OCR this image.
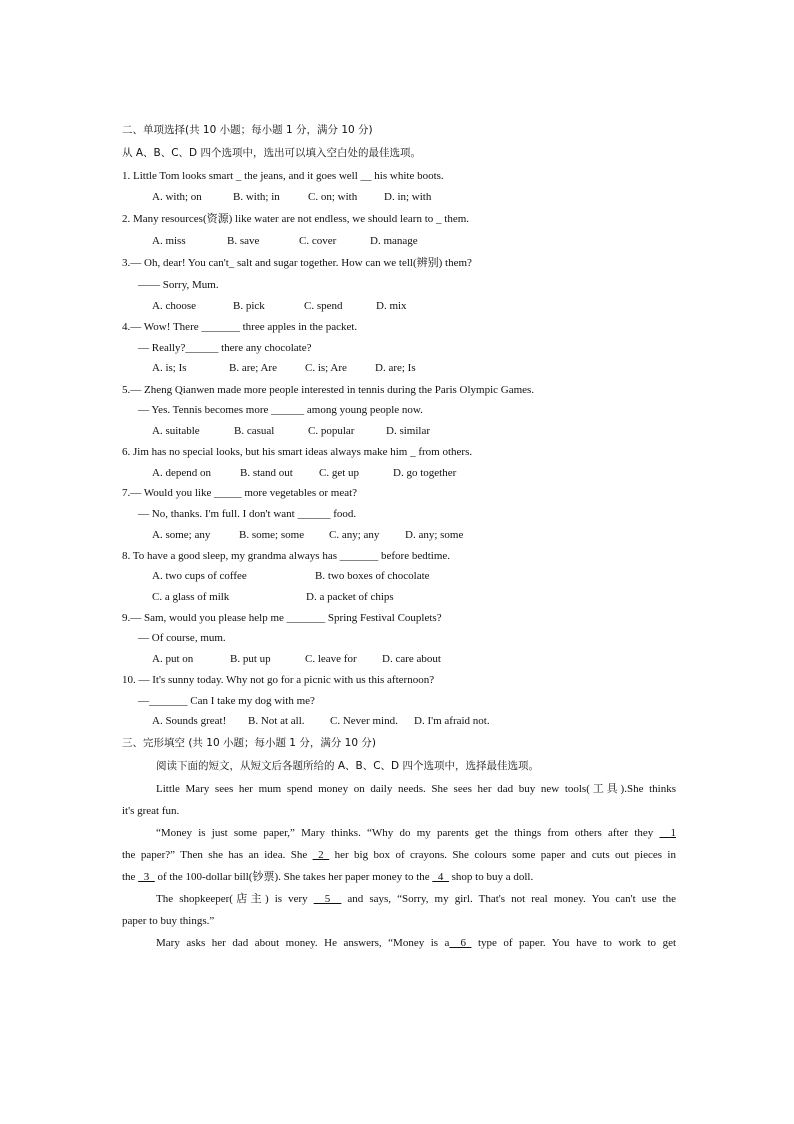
二、单项选择(共 10 小题；每小题 1 分，满分 10 分)
从 A、B、C、D 四个选项中，选出可以填入空白处的最佳选项。
1. Little Tom looks smart _ the jeans, and it goes well __ his white boots.
A. with; on	B. with; in	C. on; with D. in; with
2. Many resources(资源) like water are not endless, we should learn to _ them.
A. miss	B. save	C. cover	D. manage
3.— Oh, dear! You can't_ salt and sugar together. How can we tell(辨别) them?
—— Sorry, Mum.
A. choose	B. pick	C. spend	D. mix
4.— Wow! There _______ three apples in the packet.
— Really?______ there any chocolate?
A. is; Is	B. are; Are	C. is; Are	D. are; Is
5.— Zheng Qianwen made more people interested in tennis during the Paris Olympic Games.
— Yes. Tennis becomes more ______ among young people now.
A. suitable	B. casual	C. popular	D. similar
6. Jim has no special looks, but his smart ideas always make him _ from others.
A. depend on	B. stand out C. get up	D. go together
7.— Would you like _____ more vegetables or meat?
— No, thanks. I'm full. I don't want ______ food.
A. some; any	B. some; some C. any; any D. any; some
8. To have a good sleep, my grandma always has _______ before bedtime.
A. two cups of coffee	B. two boxes of chocolate
C. a glass of milk	D. a packet of chips
9.— Sam, would you please help me _______ Spring Festival Couplets?
— Of course, mum.
A. put on	B. put up	C. leave for D. care about
10. — It's sunny today. Why not go for a picnic with us this afternoon?
—_______ Can I take my dog with me?
A. Sounds great! B. Not at all. C. Never mind. D. I'm afraid not.
三、完形填空 (共 10 小题；每小题 1 分，满分 10 分)
阅读下面的短文，从短文后各题所给的 A、B、C、D 四个选项中，选择最佳选项。
Little Mary sees her mum spend money on daily needs. She sees her dad buy new tools(工具).She thinks
it's great fun.
“Money is just some paper,” Mary thinks. “Why do my parents get the things from others after they __1
the paper?” Then she has an idea. She _2_ her big box of crayons. She colours some paper and cuts out pieces in
the _3_ of the 100-dollar bill(钞票). She takes her paper money to the _4_ shop to buy a doll.
The shopkeeper(店主) is very __5__ and says, “Sorry, my girl. That's not real money. You can't use the
paper to buy things.”
Mary asks her dad about money. He answers, “Money is a__6_ type of paper. You have to work to get
